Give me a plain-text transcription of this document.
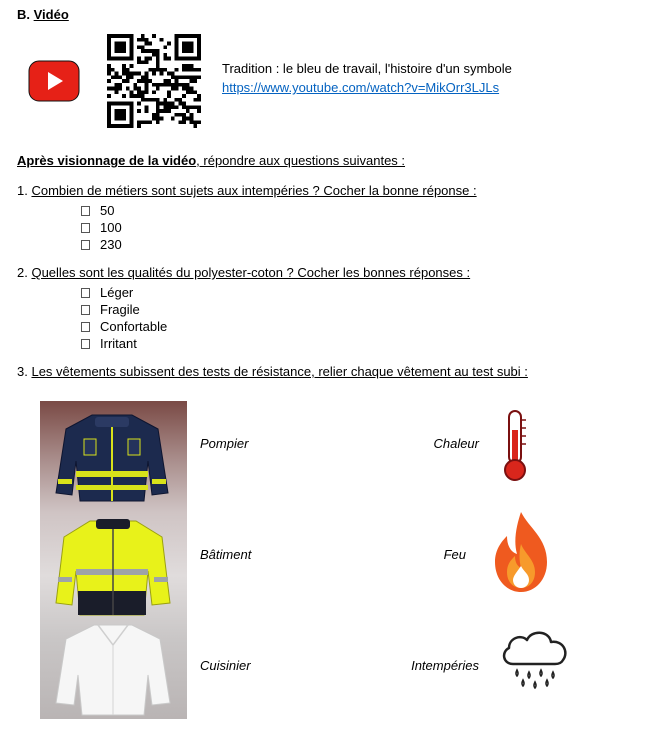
B. Vidéo
Tradition : le bleu de travail, l'histoire d'un symbole
https://www.youtube.com/watch?v=MikOrr3LJLs
Après visionnage de la vidéo, répondre aux questions suivantes :
1. Combien de métiers sont sujets aux intempéries ? Cocher la bonne réponse :
50
100
230
2. Quelles sont les qualités du polyester-coton ? Cocher les bonnes réponses :
Léger
Fragile
Confortable
Irritant
3. Les vêtements subissent des tests de résistance, relier chaque vêtement au test subi :
Pompier
Bâtiment
Cuisinier
Chaleur
Feu
Intempéries
